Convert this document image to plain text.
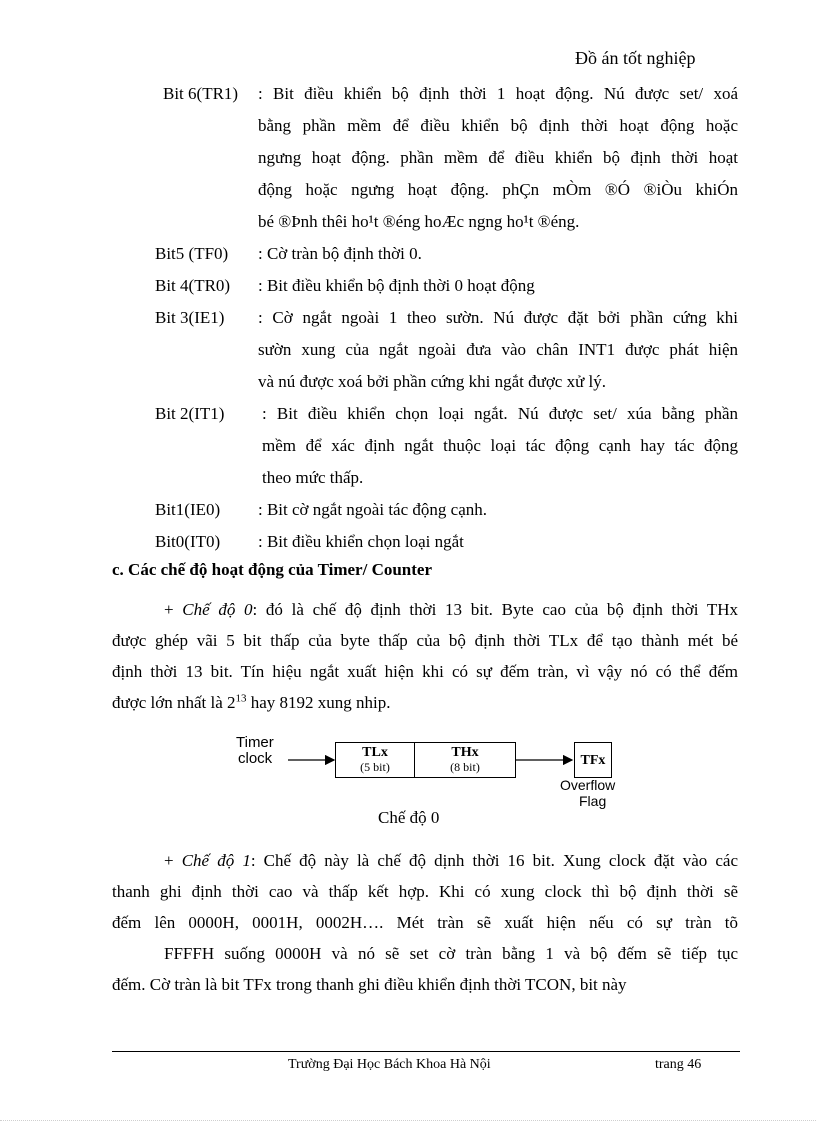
Đồ án tốt nghiệp
Bit 6(TR1) : Bit điều khiển bộ định thời 1 hoạt động. Nú được set/ xoá
bằng phần mềm để điều khiển bộ định thời hoạt động hoặc
ngưng hoạt động. phần mềm để điều khiển bộ định thời hoạt
động hoặc ngưng hoạt động. phÇn mÒm ®Ó ®iÒu khiÓn
bé ®Þnh thêi ho¹t ®éng hoÆc ngng ho¹t ®éng.
Bit5 (TF0) : Cờ tràn bộ định thời 0.
Bit 4(TR0) : Bit điều khiển bộ định thời 0 hoạt động
Bit 3(IE1) : Cờ ngắt ngoài 1 theo sườn. Nú được đặt bởi phần cứng khi
sườn xung của ngắt ngoài đưa vào chân INT1 được phát hiện
và nú được xoá bởi phần cứng khi ngắt được xử lý.
Bit 2(IT1) : Bit điều khiển chọn loại ngắt. Nú được set/ xúa bằng phần
mềm để xác định ngắt thuộc loại tác động cạnh hay tác động
theo mức thấp.
Bit1(IE0) : Bit cờ ngắt ngoài tác động cạnh.
Bit0(IT0) : Bit điều khiển chọn loại ngắt
c. Các chế độ hoạt động của Timer/ Counter

+ Chế độ 0: đó là chế độ định thời 13 bit. Byte cao của bộ định thời THx
được ghép vãi 5 bit thấp của byte thấp của bộ định thời TLx để tạo thành mét bé
định thời 13 bit. Tín hiệu ngắt xuất hiện khi có sự đếm tràn, vì vậy nó có thể đếm
được lớn nhất là $2^{13}$ hay 8192 xung nhip.

Timer
clock	TLx
(5 bit)
THx
(8 bit)	TFx
Overflow
Flag
Chế độ 0

+ Chế độ 1: Chế độ này là chế độ dịnh thời 16 bit. Xung clock đặt vào các
thanh ghi định thời cao và thấp kết hợp. Khi có xung clock thì bộ định thời sẽ
đếm lên 0000H, 0001H, 0002H…. Mét tràn sẽ xuất hiện nếu có sự tràn tõ
FFFFH suống 0000H và nó sẽ set cờ tràn bằng 1 và bộ đếm sẽ tiếp tục
đếm. Cờ tràn là bit TFx trong thanh ghi điều khiển định thời TCON, bit này

Trường Đại Học Bách Khoa Hà Nội	trang 46
